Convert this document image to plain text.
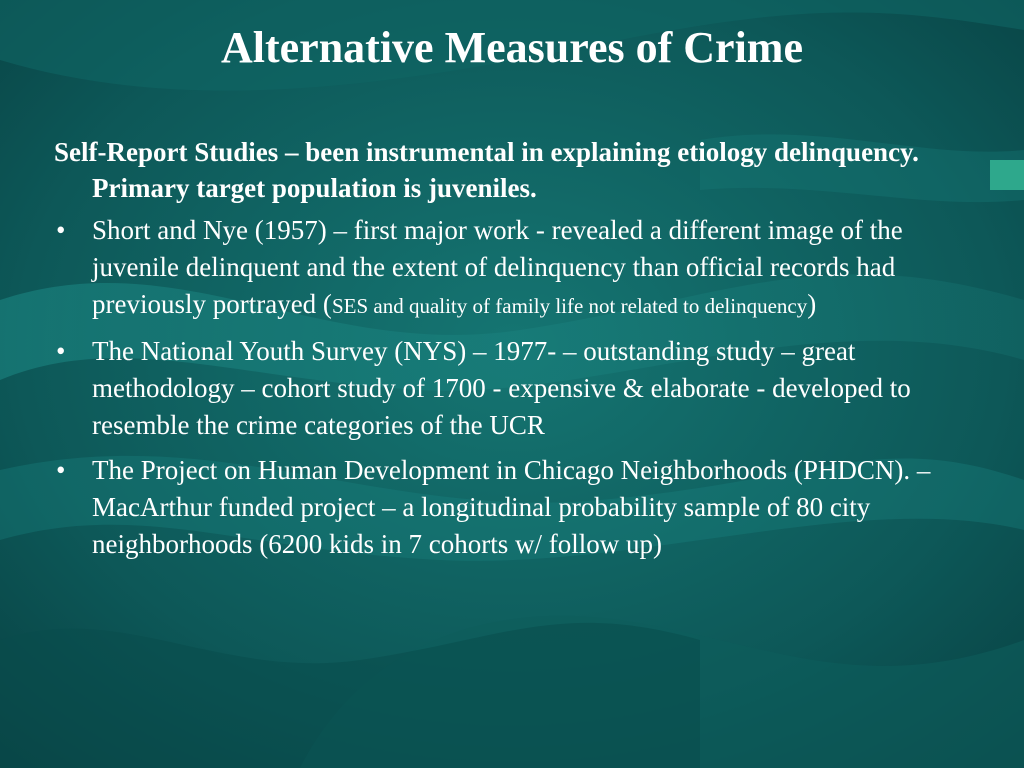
Alternative Measures of Crime

Self-Report Studies – been instrumental in explaining etiology delinquency. Primary target population is juveniles.

• Short and Nye (1957) – first major work - revealed a different image of the juvenile delinquent and the extent of delinquency than official records had previously portrayed (SES and quality of family life not related to delinquency)
• The National Youth Survey (NYS) – 1977- – outstanding study – great methodology – cohort study of 1700 - expensive & elaborate - developed to resemble the crime categories of the UCR
• The Project on Human Development in Chicago Neighborhoods (PHDCN). – MacArthur funded project – a longitudinal probability sample of 80 city neighborhoods (6200 kids in 7 cohorts w/ follow up)
